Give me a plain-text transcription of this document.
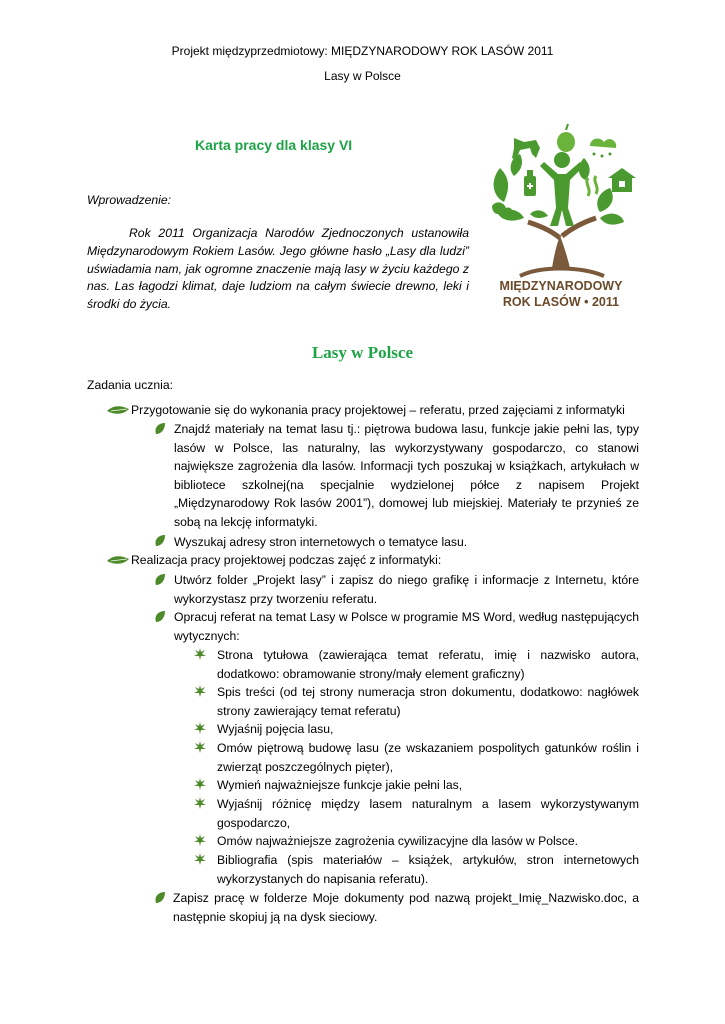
Projekt międzyprzedmiotowy: MIĘDZYNARODOWY ROK LASÓW 2011
Lasy w Polsce
Karta pracy dla klasy VI
Wprowadzenie:
Rok 2011 Organizacja Narodów Zjednoczonych ustanowiła Międzynarodowym Rokiem Lasów. Jego główne hasło „Lasy dla ludzi” uświadamia nam, jak ogromne znaczenie mają lasy w życiu każdego z nas. Las łagodzi klimat, daje ludziom na całym świecie drewno, leki i środki do życia.
MIĘDZYNARODOWY
ROK LASÓW • 2011
Lasy w Polsce
Zadania ucznia:
Przygotowanie się do wykonania pracy projektowej – referatu, przed zajęciami z informatyki
Znajdź materiały na temat lasu tj.: piętrowa budowa lasu, funkcje jakie pełni las, typy lasów w Polsce, las naturalny, las wykorzystywany gospodarczo, co stanowi największe zagrożenia dla lasów. Informacji tych poszukaj w książkach, artykułach w bibliotece szkolnej(na specjalnie wydzielonej półce z napisem Projekt „Międzynarodowy Rok lasów 2001”), domowej lub miejskiej. Materiały te przynieś ze sobą na lekcję informatyki.
Wyszukaj adresy stron internetowych o tematyce lasu.
Realizacja pracy projektowej podczas zajęć z informatyki:
Utwórz folder „Projekt lasy” i zapisz do niego grafikę i informacje z Internetu, które wykorzystasz przy tworzeniu referatu.
Opracuj referat na temat Lasy w Polsce w programie MS Word, według następujących wytycznych:
Strona tytułowa (zawierająca temat referatu, imię i nazwisko autora, dodatkowo: obramowanie strony/mały element graficzny)
Spis treści (od tej strony numeracja stron dokumentu, dodatkowo: nagłówek strony zawierający temat referatu)
Wyjaśnij pojęcia lasu,
Omów piętrową budowę lasu (ze wskazaniem pospolitych gatunków roślin i zwierząt poszczególnych pięter),
Wymień najważniejsze funkcje jakie pełni las,
Wyjaśnij różnicę między lasem naturalnym a lasem wykorzystywanym gospodarczo,
Omów najważniejsze zagrożenia cywilizacyjne dla lasów w Polsce.
Bibliografia (spis materiałów – książek, artykułów, stron internetowych wykorzystanych do napisania referatu).
Zapisz pracę w folderze Moje dokumenty pod nazwą projekt_Imię_Nazwisko.doc, a następnie skopiuj ją na dysk sieciowy.
